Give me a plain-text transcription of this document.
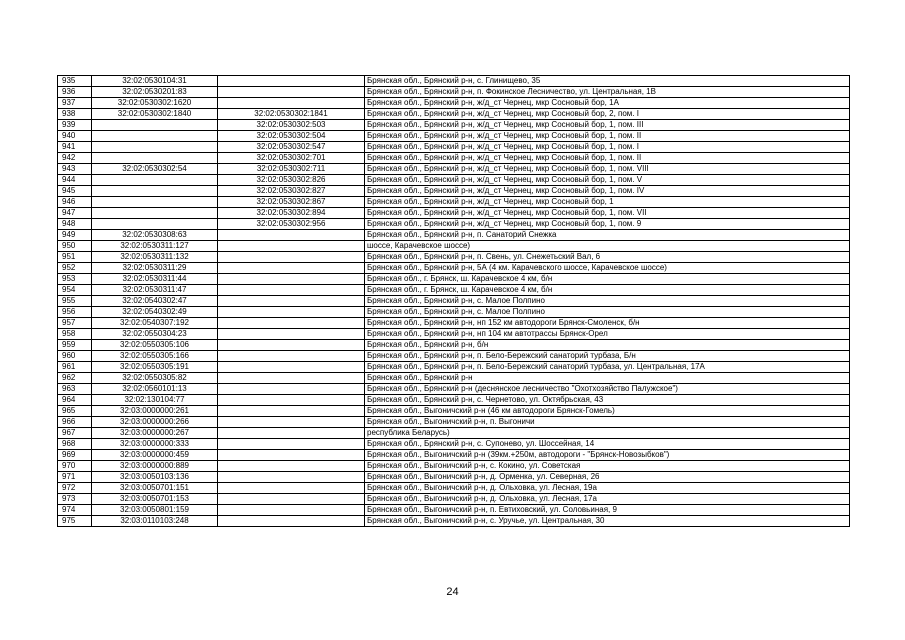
935	32:02:0530104:31		Брянская обл., Брянский р-н, с. Глинищево, 35
936	32:02:0530201:83		Брянская обл., Брянский р-н, п. Фокинское Лесничество, ул. Центральная, 1В
937	32:02:0530302:1620		Брянская обл., Брянский р-н, ж/д_ст Чернец, мкр Сосновый бор, 1А
938	32:02:0530302:1840	32:02:0530302:1841	Брянская обл., Брянский р-н, ж/д_ст Чернец, мкр Сосновый бор, 2, пом. I
939		32:02:0530302:503	Брянская обл., Брянский р-н, ж/д_ст Чернец, мкр Сосновый бор, 1, пом. III
940		32:02:0530302:504	Брянская обл., Брянский р-н, ж/д_ст Чернец, мкр Сосновый бор, 1, пом. II
941		32:02:0530302:547	Брянская обл., Брянский р-н, ж/д_ст Чернец, мкр Сосновый бор, 1, пом. I
942		32:02:0530302:701	Брянская обл., Брянский р-н, ж/д_ст Чернец, мкр Сосновый бор, 1, пом. II
943	32:02:0530302:54	32:02:0530302:711	Брянская обл., Брянский р-н, ж/д_ст Чернец, мкр Сосновый бор, 1, пом. VIII
944		32:02:0530302:826	Брянская обл., Брянский р-н, ж/д_ст Чернец, мкр Сосновый бор, 1, пом. V
945		32:02:0530302:827	Брянская обл., Брянский р-н, ж/д_ст Чернец, мкр Сосновый бор, 1, пом. IV
946		32:02:0530302:867	Брянская обл., Брянский р-н, ж/д_ст Чернец, мкр Сосновый бор, 1
947		32:02:0530302:894	Брянская обл., Брянский р-н, ж/д_ст Чернец, мкр Сосновый бор, 1, пом. VII
948		32:02:0530302:956	Брянская обл., Брянский р-н, ж/д_ст Чернец, мкр Сосновый бор, 1, пом. 9
949	32:02:0530308:63		Брянская обл., Брянский р-н, п. Санаторий Снежка
950	32:02:0530311:127		шоссе, Карачевское шоссе)
951	32:02:0530311:132		Брянская обл., Брянский р-н, п. Свень, ул. Снежетьский Вал, 6
952	32:02:0530311:29		Брянская обл., Брянский р-н, 5А (4 км. Карачевского шоссе, Карачевское шоссе)
953	32:02:0530311:44		Брянская обл., г. Брянск, ш. Карачевское 4 км, б/н
954	32:02:0530311:47		Брянская обл., г. Брянск, ш. Карачевское 4 км, б/н
955	32:02:0540302:47		Брянская обл., Брянский р-н, с. Малое Полпино
956	32:02:0540302:49		Брянская обл., Брянский р-н, с. Малое Полпино
957	32:02:0540307:192		Брянская обл., Брянский р-н, нп 152 км автодороги Брянск-Смоленск, б/н
958	32:02:0550304:23		Брянская обл., Брянский р-н, нп 104 км автотрассы Брянск-Орел
959	32:02:0550305:106		Брянская обл., Брянский р-н, б/н
960	32:02:0550305:166		Брянская обл., Брянский р-н, п. Бело-Бережский санаторий турбаза, Б/н
961	32:02:0550305:191		Брянская обл., Брянский р-н, п. Бело-Бережский санаторий турбаза, ул. Центральная, 17А
962	32:02:0550305:82		Брянская обл., Брянский р-н
963	32:02:0560101:13		Брянская обл., Брянский р-н (деснянское лесничество "Охотхозяйство Палужское")
964	32:02:130104:77		Брянская обл., Брянский р-н, с. Чернетово, ул. Октябрьская, 43
965	32:03:0000000:261		Брянская обл., Выгоничский р-н (46 км автодороги Брянск-Гомель)
966	32:03:0000000:266		Брянская обл., Выгоничский р-н, п. Выгоничи
967	32:03:0000000:267		республика Беларусь)
968	32:03:0000000:333		Брянская обл., Брянский р-н, с. Супонево, ул. Шоссейная, 14
969	32:03:0000000:459		Брянская обл., Выгоничский р-н (39км.+250м, автодороги - "Брянск-Новозыбков")
970	32:03:0000000:889		Брянская обл., Выгоничский р-н, с. Кокино, ул. Советская
971	32:03:0050103:136		Брянская обл., Выгоничский р-н, д. Орменка, ул. Северная, 26
972	32:03:0050701:151		Брянская обл., Выгоничский р-н, д. Ольховка, ул. Лесная, 19а
973	32:03:0050701:153		Брянская обл., Выгоничский р-н, д. Ольховка, ул. Лесная, 17а
974	32:03:0050801:159		Брянская обл., Выгоничский р-н, п. Евтиховский, ул. Соловьиная, 9
975	32:03:0110103:248		Брянская обл., Выгоничский р-н, с. Уручье, ул. Центральная, 30
24
